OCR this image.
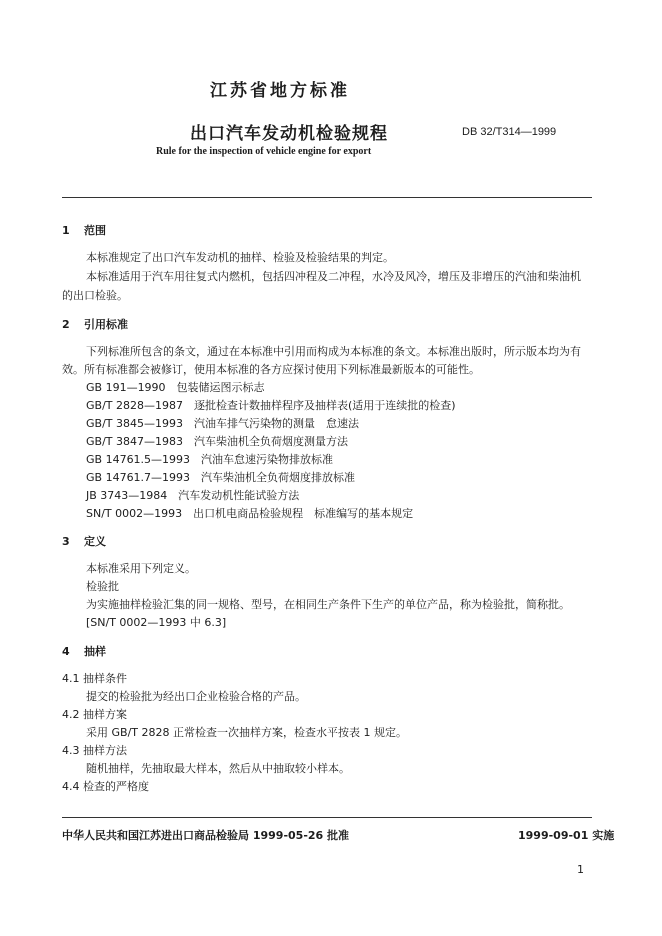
江苏省地方标准
出口汽车发动机检验规程	DB 32/T314—1999
Rule for the inspection of vehicle engine for export
1 范围
本标准规定了出口汽车发动机的抽样、检验及检验结果的判定。
本标准适用于汽车用往复式内燃机，包括四冲程及二冲程，水冷及风冷，增压及非增压的汽油和柴油机
的出口检验。
2 引用标准
下列标准所包含的条文，通过在本标准中引用而构成为本标准的条文。本标准出版时，所示版本均为有
效。所有标准都会被修订，使用本标准的各方应探讨使用下列标准最新版本的可能性。
GB 191—1990　包装储运图示标志
GB/T 2828—1987　逐批检查计数抽样程序及抽样表(适用于连续批的检查)
GB/T 3845—1993　汽油车排气污染物的测量　怠速法
GB/T 3847—1983　汽车柴油机全负荷烟度测量方法
GB 14761.5—1993　汽油车怠速污染物排放标准
GB 14761.7—1993　汽车柴油机全负荷烟度排放标准
JB 3743—1984　汽车发动机性能试验方法
SN/T 0002—1993　出口机电商品检验规程　标准编写的基本规定
3 定义
本标准采用下列定义。
检验批
为实施抽样检验汇集的同一规格、型号，在相同生产条件下生产的单位产品，称为检验批，简称批。
[SN/T 0002—1993 中 6.3]
4 抽样
4.1 抽样条件
提交的检验批为经出口企业检验合格的产品。
4.2 抽样方案
采用 GB/T 2828 正常检查一次抽样方案，检查水平按表 1 规定。
4.3 抽样方法
随机抽样，先抽取最大样本，然后从中抽取较小样本。
4.4 检查的严格度
中华人民共和国江苏进出口商品检验局 1999-05-26 批准	1999-09-01 实施
1
